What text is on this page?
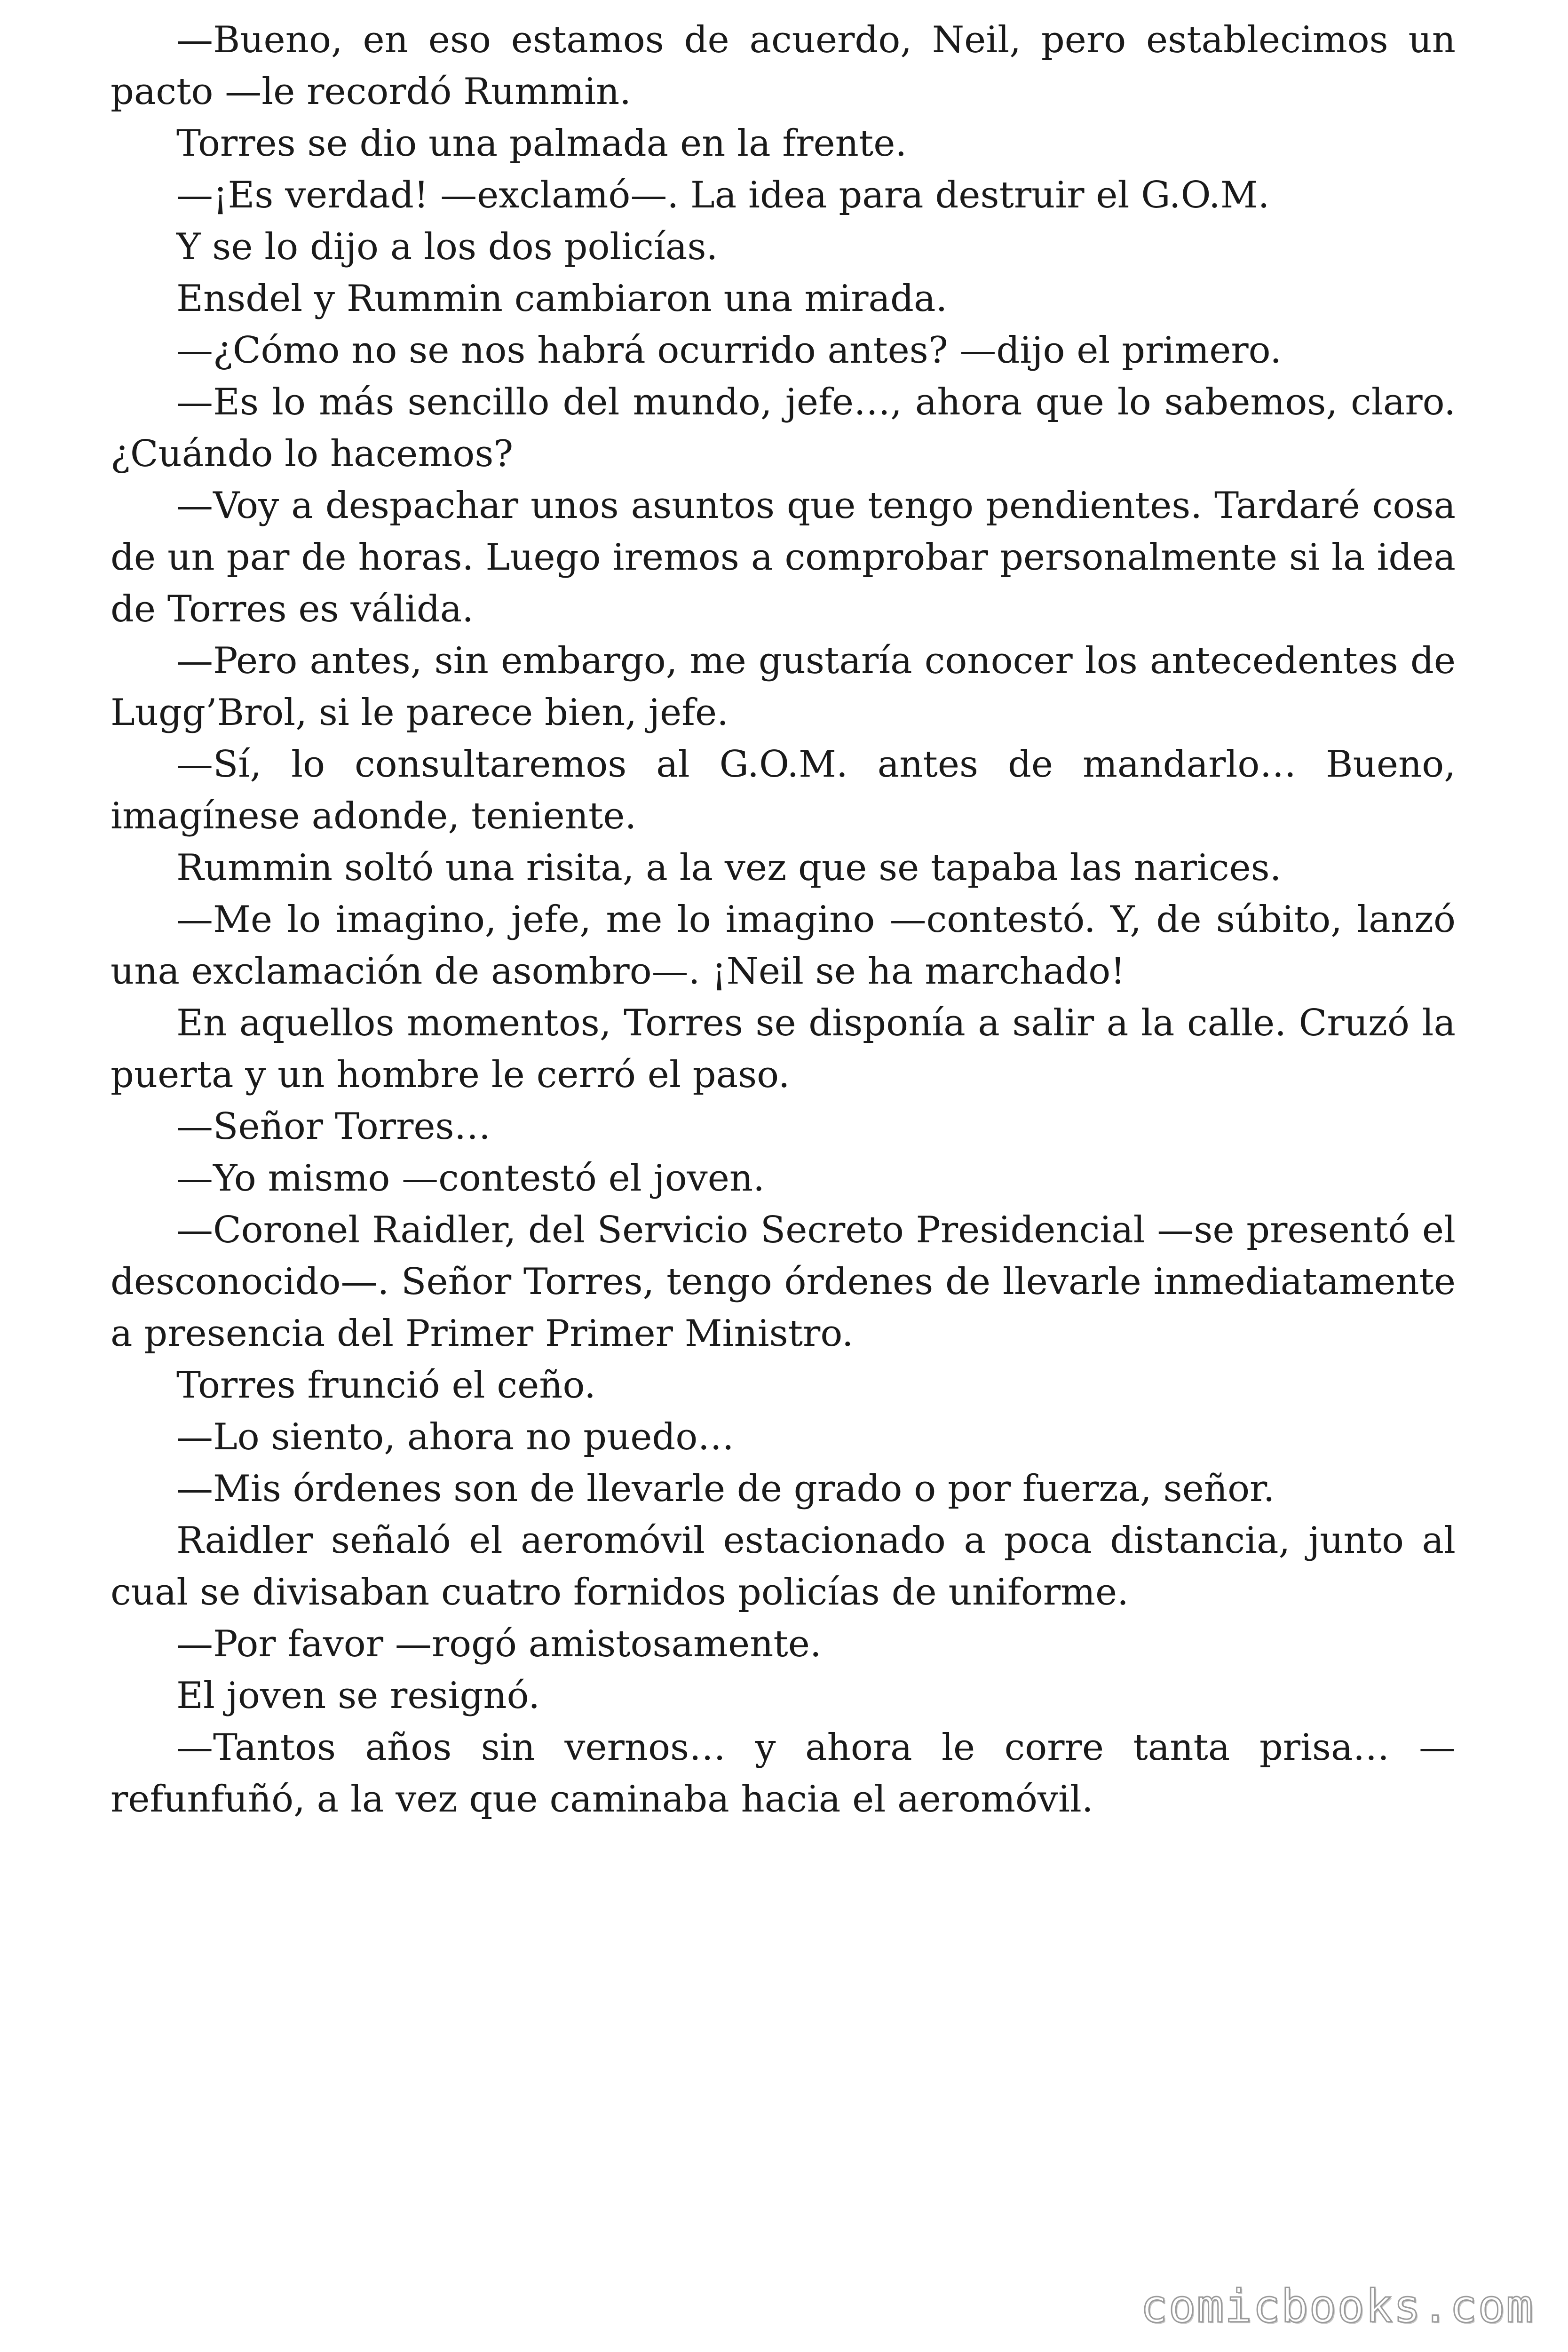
—Bueno, en eso estamos de acuerdo, Neil, pero establecimos un pacto —le recordó Rummin.

Torres se dio una palmada en la frente.

—¡Es verdad! —exclamó—. La idea para destruir el G.O.M.

Y se lo dijo a los dos policías.

Ensdel y Rummin cambiaron una mirada.

—¿Cómo no se nos habrá ocurrido antes? —dijo el primero.

—Es lo más sencillo del mundo, jefe…, ahora que lo sabemos, claro. ¿Cuándo lo hacemos?

—Voy a despachar unos asuntos que tengo pendientes. Tardaré cosa de un par de horas. Luego iremos a comprobar personalmente si la idea de Torres es válida.

—Pero antes, sin embargo, me gustaría conocer los antecedentes de Lugg’Brol, si le parece bien, jefe.

—Sí, lo consultaremos al G.O.M. antes de mandarlo… Bueno, imagínese adonde, teniente.

Rummin soltó una risita, a la vez que se tapaba las narices.

—Me lo imagino, jefe, me lo imagino —contestó. Y, de súbito, lanzó una exclamación de asombro—. ¡Neil se ha marchado!

En aquellos momentos, Torres se disponía a salir a la calle. Cruzó la puerta y un hombre le cerró el paso.

—Señor Torres…

—Yo mismo —contestó el joven.

—Coronel Raidler, del Servicio Secreto Presidencial —se presentó el desconocido—. Señor Torres, tengo órdenes de llevarle inmediatamente a presencia del Primer Primer Ministro.

Torres frunció el ceño.

—Lo siento, ahora no puedo…

—Mis órdenes son de llevarle de grado o por fuerza, señor.

Raidler señaló el aeromóvil estacionado a poca distancia, junto al cual se divisaban cuatro fornidos policías de uniforme.

—Por favor —rogó amistosamente.

El joven se resignó.

—Tantos años sin vernos… y ahora le corre tanta prisa… —refunfuñó, a la vez que caminaba hacia el aeromóvil.

comicbooks.com
